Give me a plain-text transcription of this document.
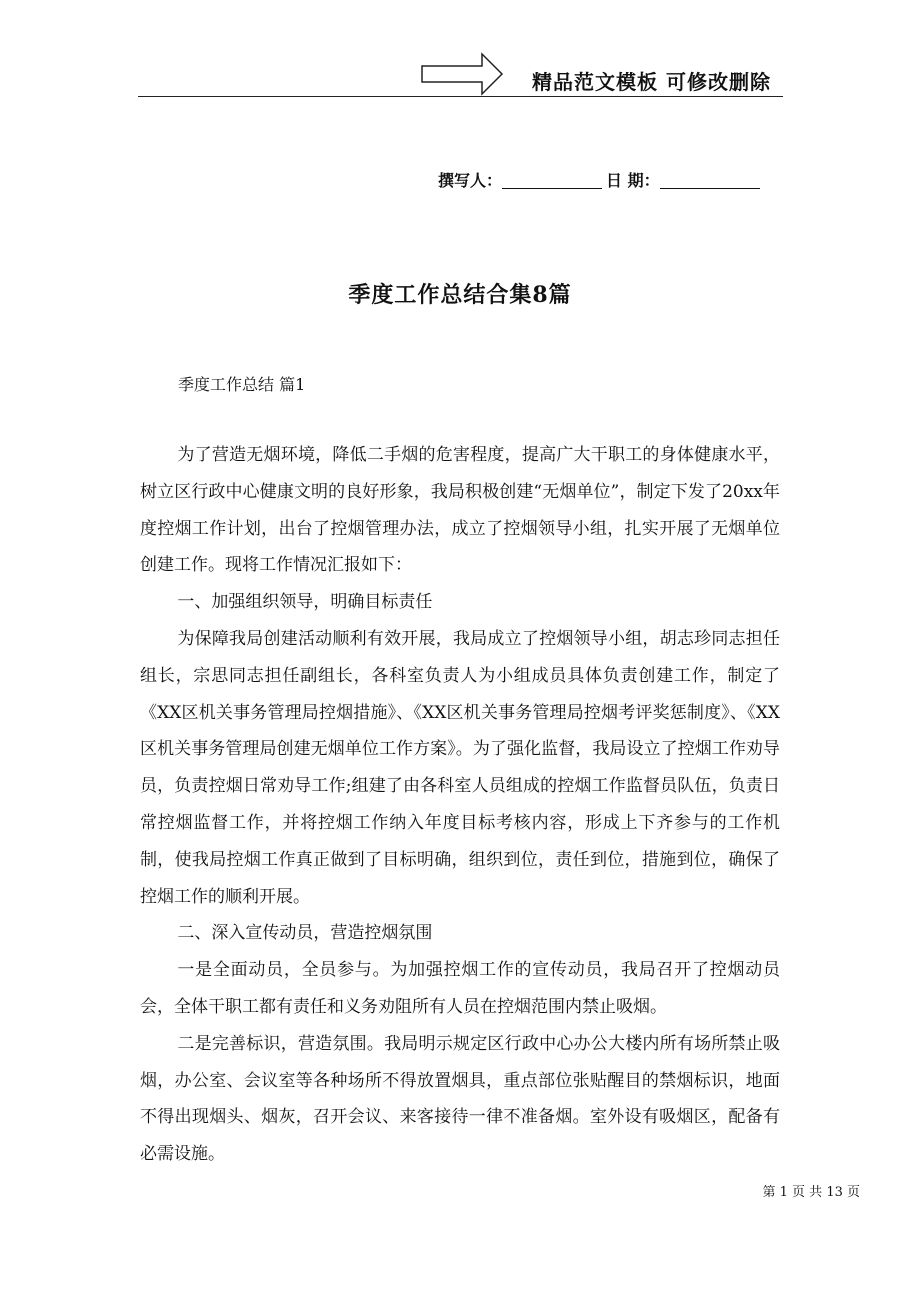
精品范文模板 可修改删除
撰写人：	日 期：
季度工作总结合集8篇
季度工作总结 篇1

为了营造无烟环境，降低二手烟的危害程度，提高广大干职工的身体健康水平，树立区行政中心健康文明的良好形象，我局积极创建“无烟单位”，制定下发了20xx年度控烟工作计划，出台了控烟管理办法，成立了控烟领导小组，扎实开展了无烟单位创建工作。现将工作情况汇报如下：

一、加强组织领导，明确目标责任

为保障我局创建活动顺利有效开展，我局成立了控烟领导小组，胡志珍同志担任组长，宗思同志担任副组长，各科室负责人为小组成员具体负责创建工作，制定了《XX区机关事务管理局控烟措施》、《XX区机关事务管理局控烟考评奖惩制度》、《XX区机关事务管理局创建无烟单位工作方案》。为了强化监督，我局设立了控烟工作劝导员，负责控烟日常劝导工作;组建了由各科室人员组成的控烟工作监督员队伍，负责日常控烟监督工作，并将控烟工作纳入年度目标考核内容，形成上下齐参与的工作机制，使我局控烟工作真正做到了目标明确，组织到位，责任到位，措施到位，确保了控烟工作的顺利开展。

二、深入宣传动员，营造控烟氛围

一是全面动员，全员参与。为加强控烟工作的宣传动员，我局召开了控烟动员会，全体干职工都有责任和义务劝阻所有人员在控烟范围内禁止吸烟。

二是完善标识，营造氛围。我局明示规定区行政中心办公大楼内所有场所禁止吸烟，办公室、会议室等各种场所不得放置烟具，重点部位张贴醒目的禁烟标识，地面不得出现烟头、烟灰，召开会议、来客接待一律不准备烟。室外设有吸烟区，配备有必需设施。

第 1 页 共 13 页
